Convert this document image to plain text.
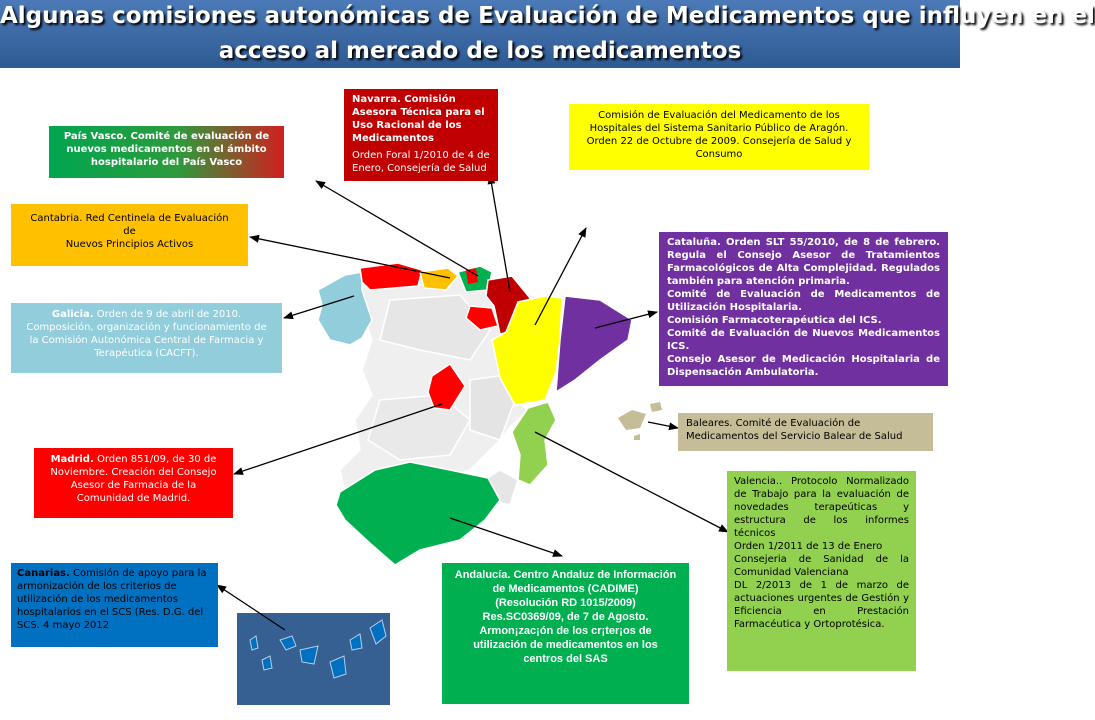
Algunas comisiones autonómicas de Evaluación de Medicamentos que influyen en el
acceso al mercado de los medicamentos

País Vasco. Comité de evaluación de nuevos medicamentos en el ámbito hospitalario del País Vasco

Navarra. Comisión Asesora Técnica para el Uso Racional de los Medicamentos

Orden Foral 1/2010 de 4 de Enero, Consejería de Salud

Comisión de Evaluación del Medicamento de los Hospitales del Sistema Sanitario Público de Aragón. Orden 22 de Octubre de 2009. Consejería de Salud y Consumo

Cantabria. Red Centinela de Evaluación de

Nuevos Principios Activos	Cataluña. Orden SLT 55/2010, de 8 de febrero. Regula el Consejo Asesor de Tratamientos Farmacológicos de Alta Complejidad. Regulados también para atención primaria.

Comité de Evaluación de Medicamentos de Utilización Hospitalaria.

Comisión Farmacoterapéutica del ICS.

Comité de Evaluación de Nuevos Medicamentos ICS.

Consejo Asesor de Medicación Hospitalaria de Dispensación Ambulatoria.

Galicia. Orden de 9 de abril de 2010. Composición, organización y funcionamiento de la Comisión Autonómica Central de Farmacia y Terapéutica (CACFT).

Baleares. Comité de Evaluación de Medicamentos del Servicio Balear de Salud

Madrid. Orden 851/09, de 30 de Noviembre. Creación del Consejo Asesor de Farmacia de la Comunidad de Madrid.

Valencia.. Protocolo Normalizado de Trabajo para la evaluación de novedades terapeúticas y estructura de los informes técnicos

Orden 1/2011 de 13 de Enero

Consejeria de Sanidad de la Comunidad Valenciana

DL 2/2013 de 1 de marzo de actuaciones urgentes de Gestión y Eficiencia en Prestación Farmacéutica y Ortoprotésica.

Canarias. Comisión de apoyo para la armonización de los criterios de utilización de los medicamentos hospitalarios en el SCS (Res. D.G. del SCS. 4 mayo 2012

Andalucía. Centro Andaluz de Información de Medicamentos (CADIME)

(Resolución RD 1015/2009)

Res.SC0369/09, de 7 de Agosto. Armon¡zac¡ón de los cr¡ter¡os de utilización de medicamentos en los centros del SAS
